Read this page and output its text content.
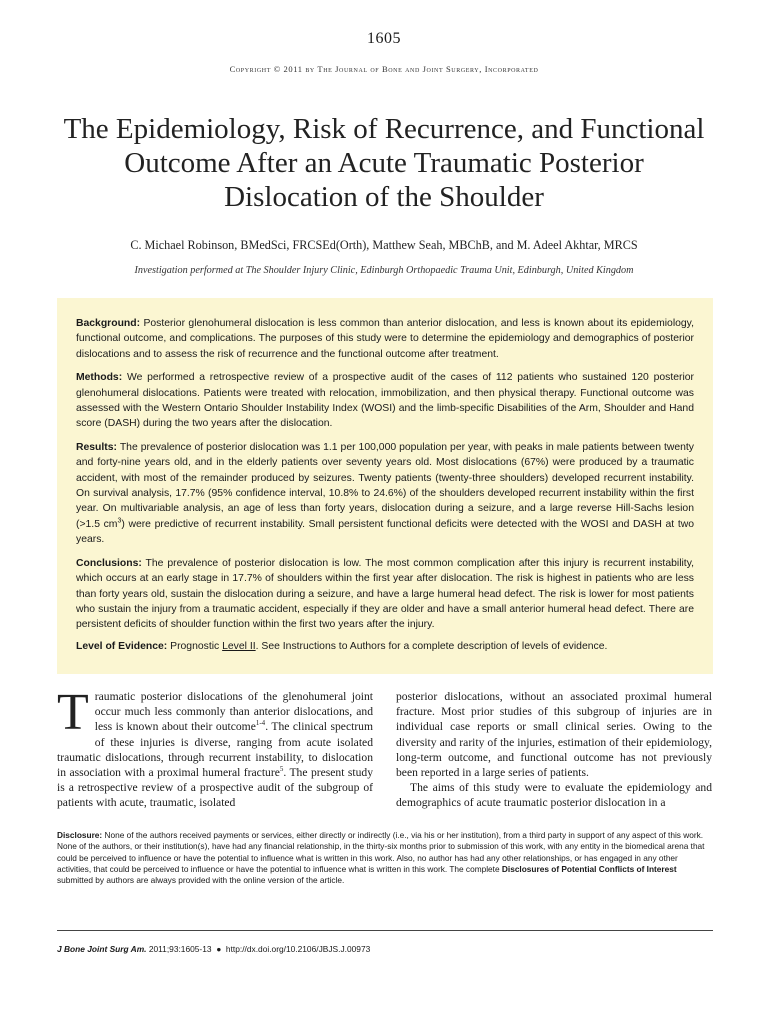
1605
Copyright © 2011 by The Journal of Bone and Joint Surgery, Incorporated
The Epidemiology, Risk of Recurrence, and Functional Outcome After an Acute Traumatic Posterior Dislocation of the Shoulder
C. Michael Robinson, BMedSci, FRCSEd(Orth), Matthew Seah, MBChB, and M. Adeel Akhtar, MRCS
Investigation performed at The Shoulder Injury Clinic, Edinburgh Orthopaedic Trauma Unit, Edinburgh, United Kingdom

Background: Posterior glenohumeral dislocation is less common than anterior dislocation, and less is known about its epidemiology, functional outcome, and complications. The purposes of this study were to determine the epidemiology and demographics of posterior dislocations and to assess the risk of recurrence and the functional outcome after treatment.

Methods: We performed a retrospective review of a prospective audit of the cases of 112 patients who sustained 120 posterior glenohumeral dislocations. Patients were treated with relocation, immobilization, and then physical therapy. Functional outcome was assessed with the Western Ontario Shoulder Instability Index (WOSI) and the limb-specific Disabilities of the Arm, Shoulder and Hand score (DASH) during the two years after the dislocation.

Results: The prevalence of posterior dislocation was 1.1 per 100,000 population per year, with peaks in male patients between twenty and forty-nine years old, and in the elderly patients over seventy years old. Most dislocations (67%) were produced by a traumatic accident, with most of the remainder produced by seizures. Twenty patients (twenty-three shoulders) developed recurrent instability. On survival analysis, 17.7% (95% confidence interval, 10.8% to 24.6%) of the shoulders developed recurrent instability within the first year. On multivariable analysis, an age of less than forty years, dislocation during a seizure, and a large reverse Hill-Sachs lesion (>1.5 $cm^3$) were predictive of recurrent instability. Small persistent functional deficits were detected with the WOSI and DASH at two years.

Conclusions: The prevalence of posterior dislocation is low. The most common complication after this injury is recurrent instability, which occurs at an early stage in 17.7% of shoulders within the first year after dislocation. The risk is highest in patients who are less than forty years old, sustain the dislocation during a seizure, and have a large humeral head defect. The risk is lower for most patients who sustain the injury from a traumatic accident, especially if they are older and have a small anterior humeral head defect. There are persistent deficits of shoulder function within the first two years after the injury.

Level of Evidence: Prognostic Level II. See Instructions to Authors for a complete description of levels of evidence.

Traumatic posterior dislocations of the glenohumeral joint occur much less commonly than anterior dislocations, and less is known about their outcome$^{1-4}$. The clinical spectrum of these injuries is diverse, ranging from acute isolated traumatic dislocations, through recurrent instability, to dislocation in association with a proximal humeral fracture$^5$. The present study is a retrospective review of a prospective audit of the subgroup of patients with acute, traumatic, isolated

posterior dislocations, without an associated proximal humeral fracture. Most prior studies of this subgroup of injuries are in individual case reports or small clinical series. Owing to the diversity and rarity of the injuries, estimation of their epidemiology, long-term outcome, and functional outcome has not previously been reported in a large series of patients.

The aims of this study were to evaluate the epidemiology and demographics of acute traumatic posterior dislocation in a

Disclosure: None of the authors received payments or services, either directly or indirectly (i.e., via his or her institution), from a third party in support of any aspect of this work. None of the authors, or their institution(s), have had any financial relationship, in the thirty-six months prior to submission of this work, with any entity in the biomedical arena that could be perceived to influence or have the potential to influence what is written in this work. Also, no author has had any other relationships, or has engaged in any other activities, that could be perceived to influence or have the potential to influence what is written in this work. The complete Disclosures of Potential Conflicts of Interest submitted by authors are always provided with the online version of the article.
J Bone Joint Surg Am. 2011;93:1605-13 ● http://dx.doi.org/10.2106/JBJS.J.00973
